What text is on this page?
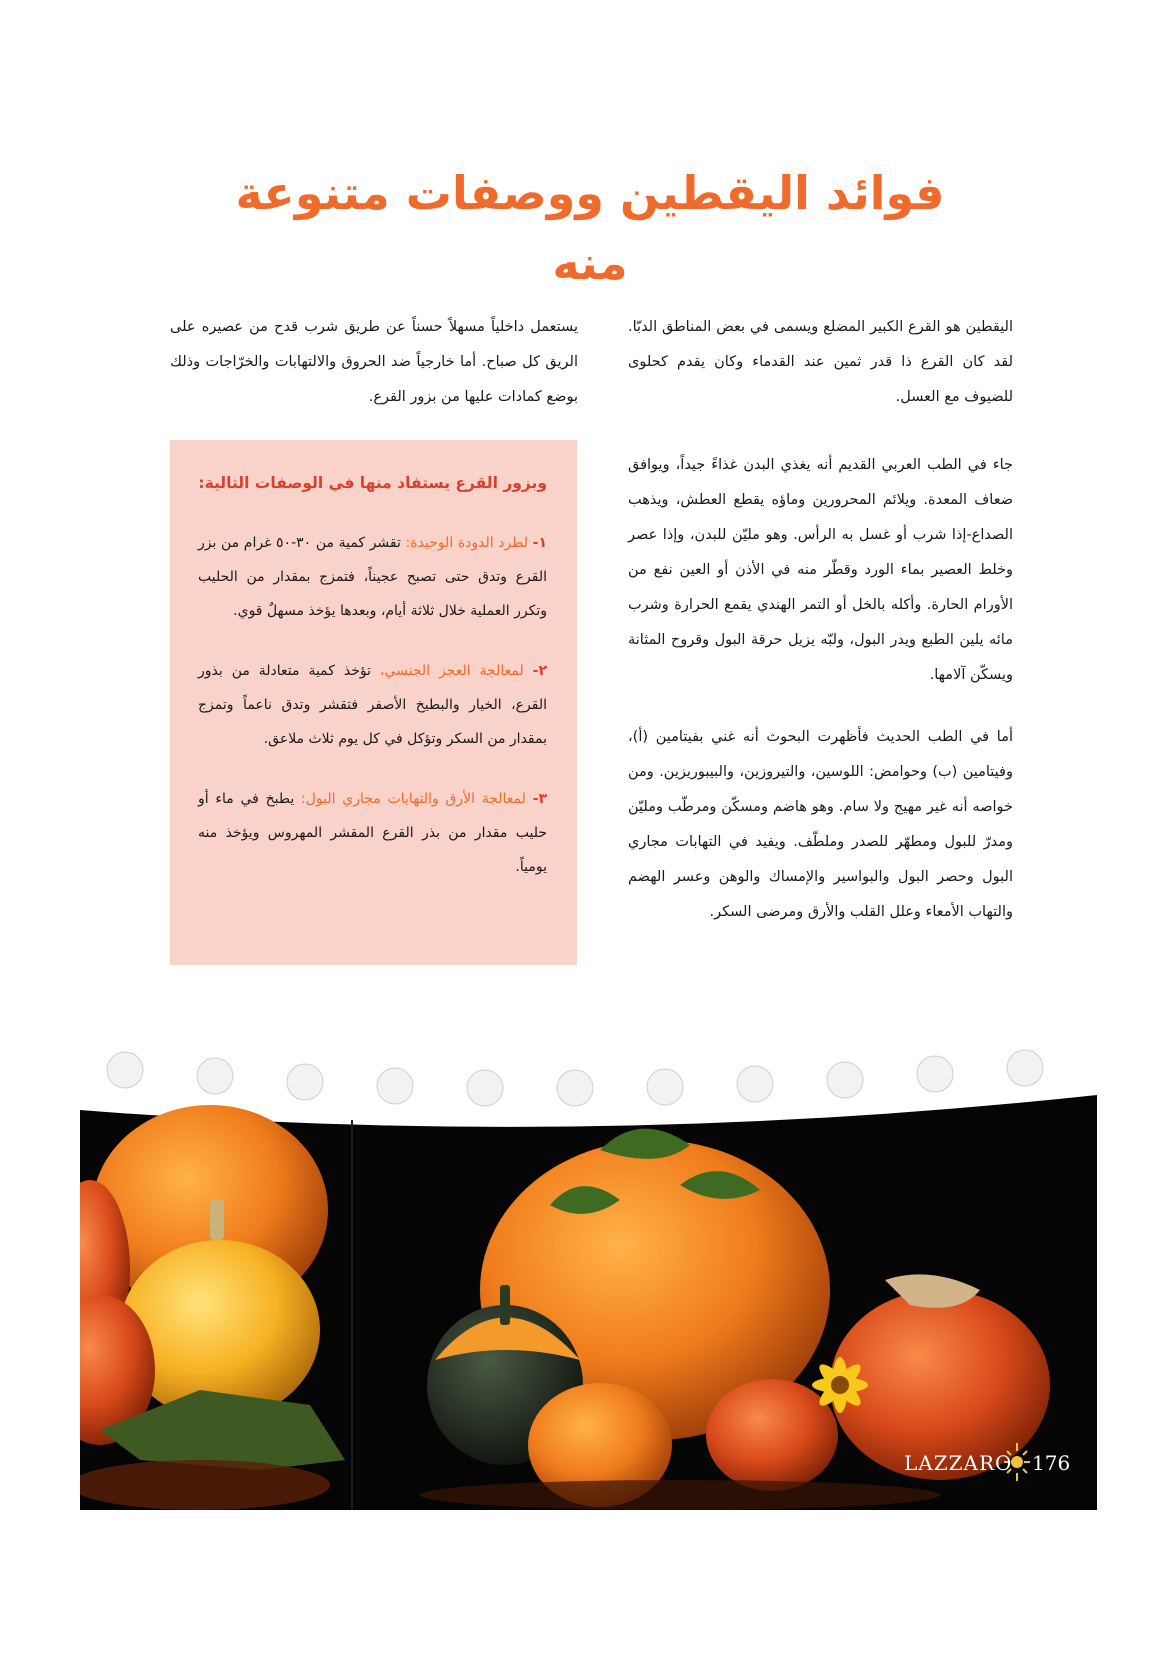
فوائد اليقطين ووصفات متنوعة منه

اليقطين هو القرع الكبير المضلع ويسمى في بعض المناطق الدبّا. لقد كان القرع ذا قدر ثمين عند القدماء وكان يقدم كحلوى للضيوف مع العسل.

جاء في الطب العربي القديم أنه يغذي البدن غذاءً جيداً، ويوافق ضعاف المعدة. ويلائم المحرورين وماؤه يقطع العطش، ويذهب الصداع-إذا شرب أو غسل به الرأس. وهو مليّن للبدن، وإذا عصر وخلط العصير بماء الورد وقطّر منه في الأذن أو العين نفع من الأورام الحارة. وأكله بالخل أو التمر الهندي يقمع الحرارة وشرب مائه يلين الطبع ويدر البول، ولبّه يزيل حرقة البول وقروح المثانة ويسكّن آلامها.

أما في الطب الحديث فأظهرت البحوث أنه غني بفيتامين (أ)، وفيتامين (ب) وحوامض: اللوسين، والتيروزين، والبيبوريزين. ومن خواصه أنه غير مهيج ولا سام. وهو هاضم ومسكّن ومرطّب ومليّن ومدرّ للبول ومطهّر للصدر وملطّف. ويفيد في التهابات مجاري البول وحصر البول والبواسير والإمساك والوهن وعسر الهضم والتهاب الأمعاء وعلل القلب والأرق ومرضى السكر.

يستعمل داخلياً مسهلاً حسناً عن طريق شرب قدح من عصيره على الريق كل صباح. أما خارجياً ضد الحروق والالتهابات والخرّاجات وذلك بوضع كمادات عليها من بزور القرع.

وبزور القرع يستفاد منها في الوصفات التالية:

١- لطرد الدودة الوحيدة: تقشر كمية من ٣٠-٥٠ غرام من بزر القرع وتدق حتى تصبح عجيناً، فتمزج بمقدار من الحليب وتكرر العملية خلال ثلاثة أيام، وبعدها يؤخذ مسهلٌ قوي.

٢- لمعالجة العجز الجنسي، تؤخذ كمية متعادلة من بذور القرع، الخيار والبطيخ الأصفر فتقشر وتدق ناعماً وتمزج بمقدار من السكر وتؤكل في كل يوم ثلاث ملاعق.

٣- لمعالجة الأرق والتهابات مجاري البول: يطبخ في ماء أو حليب مقدار من بذر القرع المقشر المهروس ويؤخذ منه يومياً.

LAZZARO 176
